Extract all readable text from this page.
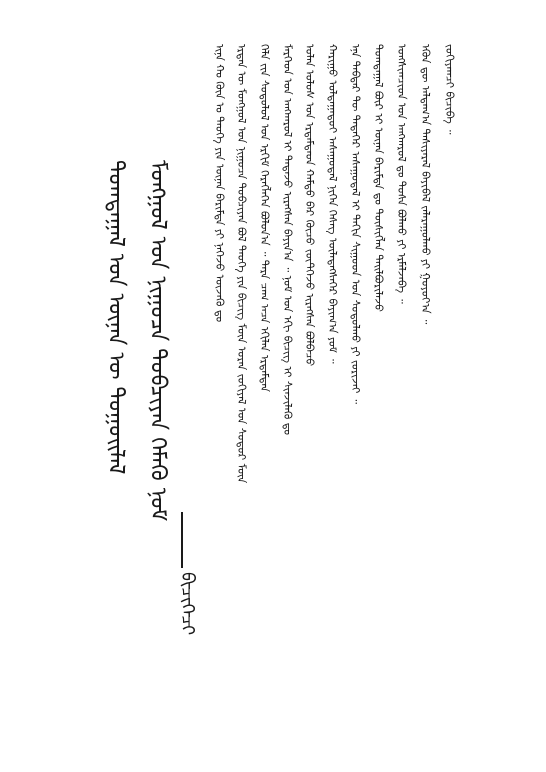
ᠲᠣᠭᠲᠠᠭᠠᠯ ᠤᠨ ᠦᠨᠡᠨ ᠦ ᠳᠣᠭᠣᠢᠯᠠᠯ ᠮᠣᠩᠭᠣᠯ ᠤᠨ ᠨᠢᠭᠤᠴᠠ ᠲᠣᠪᠴᠢᠶᠠᠨ ᠬᠡᠮᠡᠬᠦ ᠨᠣᠮ
ᠪᠢᠴᠢᠭᠡᠴᠢ
ᠢᠨᠡ ᠬᠤ ᠬᠥᠨ ᠤ ᠲᠡᠦᠬᠡ ᠶᠢᠨ ᠦᠨᠡᠨ ᠪᠠᠷᠢᠮᠲᠠ ᠶᠢ ᠨᠡᠭᠡᠵᠦ ᠦᠵᠡᠬᠦ ᠳᠤ ᠡᠷᠲᠡᠨ ᠦ ᠮᠣᠩᠭᠣᠯ ᠤᠨ ᠨᠢᠭᠤᠴᠠ ᠲᠣᠪᠴᠢᠶᠠᠨ ᠪᠣᠯ ᠲᠡᠦᠬᠡ ᠶᠢᠨ ᠪᠢᠴᠢᠭ ᠮᠥᠨ ᠤᠷᠠᠨ ᠵᠣᠬᠢᠶᠠᠯ ᠤᠨ ᠰᠤᠳᠤᠷ ᠮᠥᠨ ᠬᠡᠯᠡ ᠵᠢᠨ ᠰᠤᠳᠤᠯᠤᠯ ᠤᠨ ᠡᠷᠬᠢᠮ ᠬᠡᠷᠡᠭᠯᠡᠭᠡᠨ ᠪᠣᠯᠤᠨ᠎ᠠ ᠃ ᠲᠡᠷᠡ ᠴᠠᠭ ᠠᠴᠠ ᠡᠬᠢᠯᠡᠨ ᠡᠷᠳᠡᠮᠲᠡᠨ ᠮᠡᠷᠭᠡᠳ ᠤᠨ ᠠᠩᠬᠠᠷᠤᠯ ᠢ ᠲᠠᠲᠠᠵᠤ ᠢᠷᠡᠭᠰᠡᠨ ᠪᠠᠶᠢᠨ᠎ᠠ ᠃ ᠨᠣᠮ ᠤᠨ ᠡᠬᠢ ᠪᠢᠴᠢᠭ ᠢ ᠰᠢᠨᠵᠢᠯᠡᠬᠦ ᠳᠤ ᠣᠯᠠᠨ ᠤᠯᠤᠰ ᠤᠨ ᠡᠷᠳᠡᠮᠲᠡᠳ ᠬᠠᠮᠲᠤ ᠪᠡᠷ ᠬᠦᠴᠦ ᠵᠦᠲᠭᠡᠵᠦ ᠢᠷᠡᠭᠰᠡᠨ ᠪᠣᠯᠪᠠᠴᠤ ᠬᠠᠷᠢᠭᠤ ᠣᠯᠳᠠᠭᠠᠳᠤᠢ ᠠᠰᠠᠭᠤᠳᠠᠯ ᠨᠢᠭᠡᠨ ᠬᠡᠰᠡᠭ ᠦᠯᠡᠳᠡᠭᠰᠡᠭᠡᠷ ᠪᠠᠶᠢᠭ᠎ᠠ ᠶᠤᠮ ᠃ ᠡᠨᠡ ᠳᠡᠪᠲᠡᠷ ᠲᠦ ᠲᠡᠳᠡᠭᠡᠷ ᠠᠰᠠᠭᠤᠳᠠᠯ ᠢ ᠳᠠᠬᠢᠨ ᠰᠢᠭᠤᠳ ᠤᠨ ᠰᠤᠳᠤᠯᠬᠤ ᠶᠢ ᠵᠣᠷᠢᠵᠠᠢ ᠃ ᠲᠣᠭᠲᠠᠭᠠᠯ ᠪᠦᠷ ᠢ ᠦᠨᠡᠨ ᠪᠠᠷᠢᠮᠲᠠ ᠳᠤ ᠲᠦᠰᠢᠭᠯᠡᠨ ᠲᠠᠢᠯᠪᠤᠷᠢᠯᠠᠵᠤ ᠤᠩᠰᠢᠭᠴᠢᠳ ᠤᠨ ᠠᠩᠬᠠᠷᠤᠯ ᠳᠤ ᠲᠤᠰᠠ ᠪᠣᠯᠬᠤ ᠶᠢ ᠡᠷᠮᠡᠯᠵᠡᠪᠡ ᠃ ᠡᠭᠦᠨ ᠳᠦ ᠠᠯᠳᠠᠭ᠎ᠠ ᠲᠠᠰᠢᠶᠠᠷᠠᠯ ᠪᠠᠶᠢᠪᠠᠯ ᠵᠠᠯᠠᠷᠠᠭᠤᠯᠬᠤ ᠶᠢ ᠭᠤᠶᠤᠶ᠎ᠠ ᠃ ᠵᠣᠬᠢᠶᠠᠭᠴᠢ ᠪᠢᠴᠢᠪᠡ ᠃
